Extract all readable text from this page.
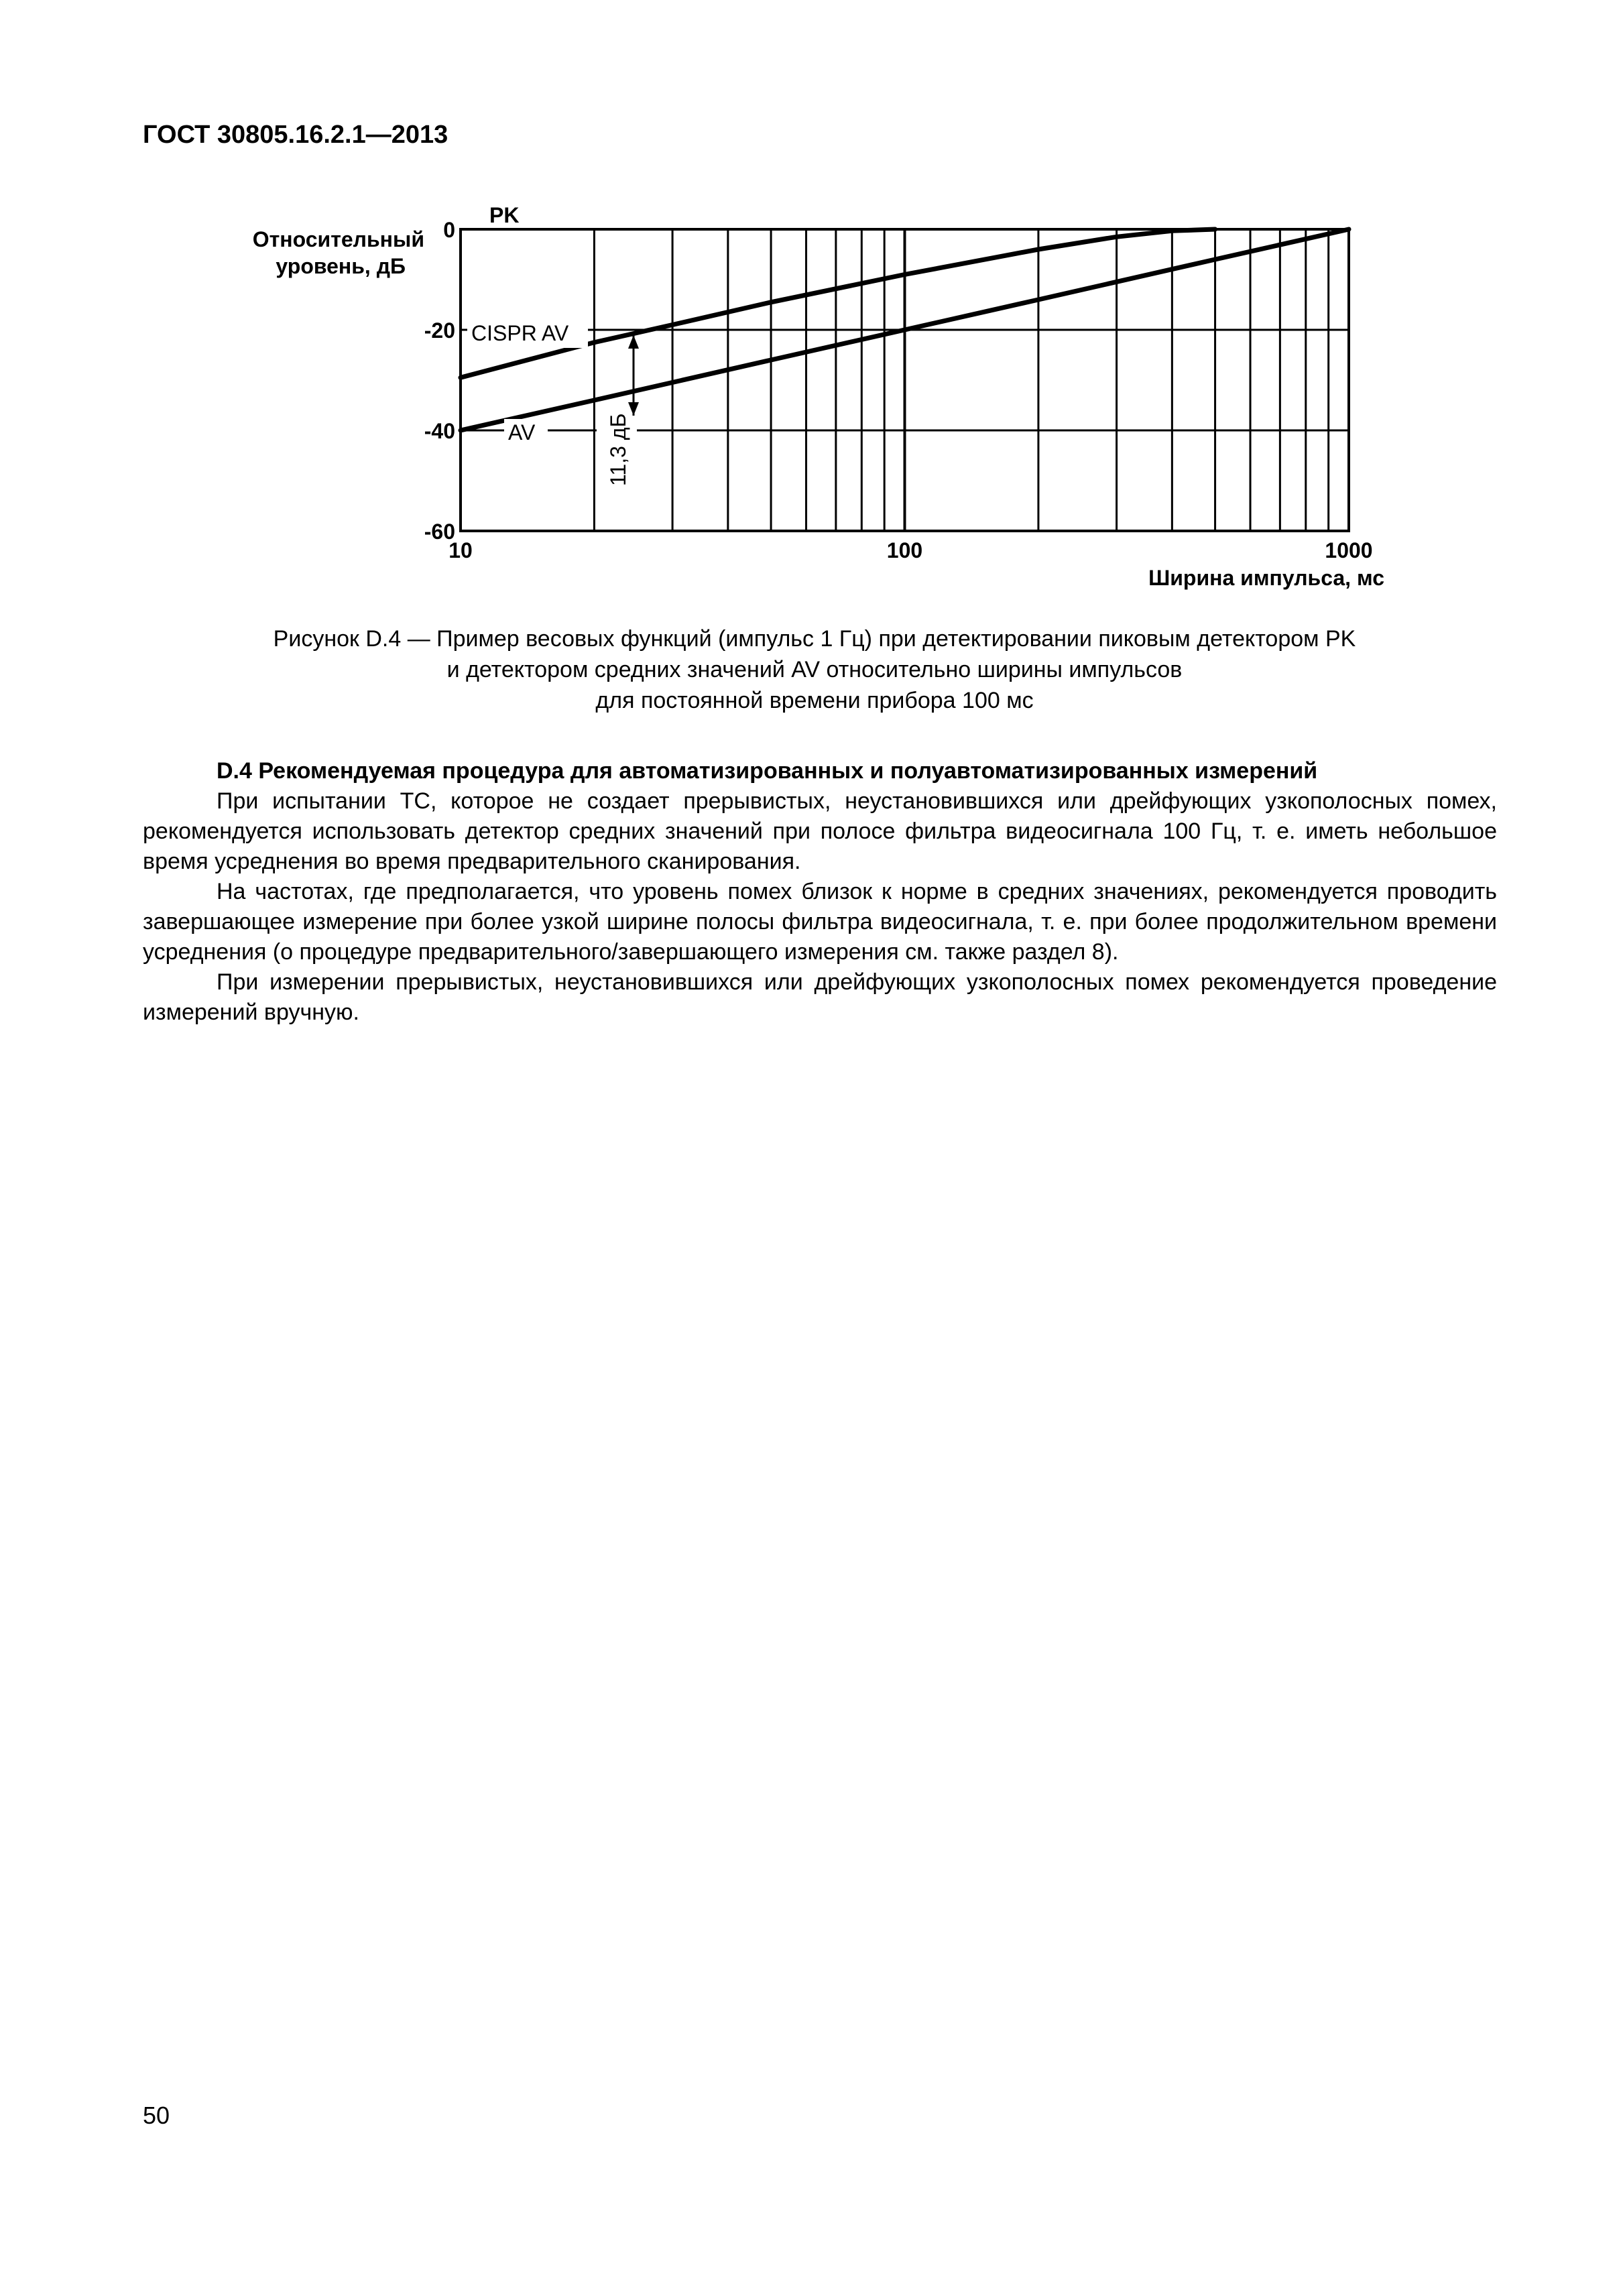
ГОСТ 30805.16.2.1—2013
10	100	1000
0
-20
-40
-60
Относительный
уровень, дБ
Ширина импульса, мс
PK
CISPR AV
AV	11,3 дБ
Рисунок D.4 — Пример весовых функций (импульс 1 Гц) при детектировании пиковым детектором PK
и детектором средних значений AV относительно ширины импульсов
для постоянной времени прибора 100 мс
D.4 Рекомендуемая процедура для автоматизированных и полуавтоматизированных измерений

При испытании ТС, которое не создает прерывистых, неустановившихся или дрейфующих узкополосных помех, рекомендуется использовать детектор средних значений при полосе фильтра видеосигнала 100 Гц, т. е. иметь небольшое время усреднения во время предварительного сканирования.

На частотах, где предполагается, что уровень помех близок к норме в средних значениях, рекомендуется проводить завершающее измерение при более узкой ширине полосы фильтра видеосигнала, т. е. при более продолжительном времени усреднения (о процедуре предварительного/завершающего измерения см. также раздел 8).

При измерении прерывистых, неустановившихся или дрейфующих узкополосных помех рекомендуется проведение измерений вручную.

50
